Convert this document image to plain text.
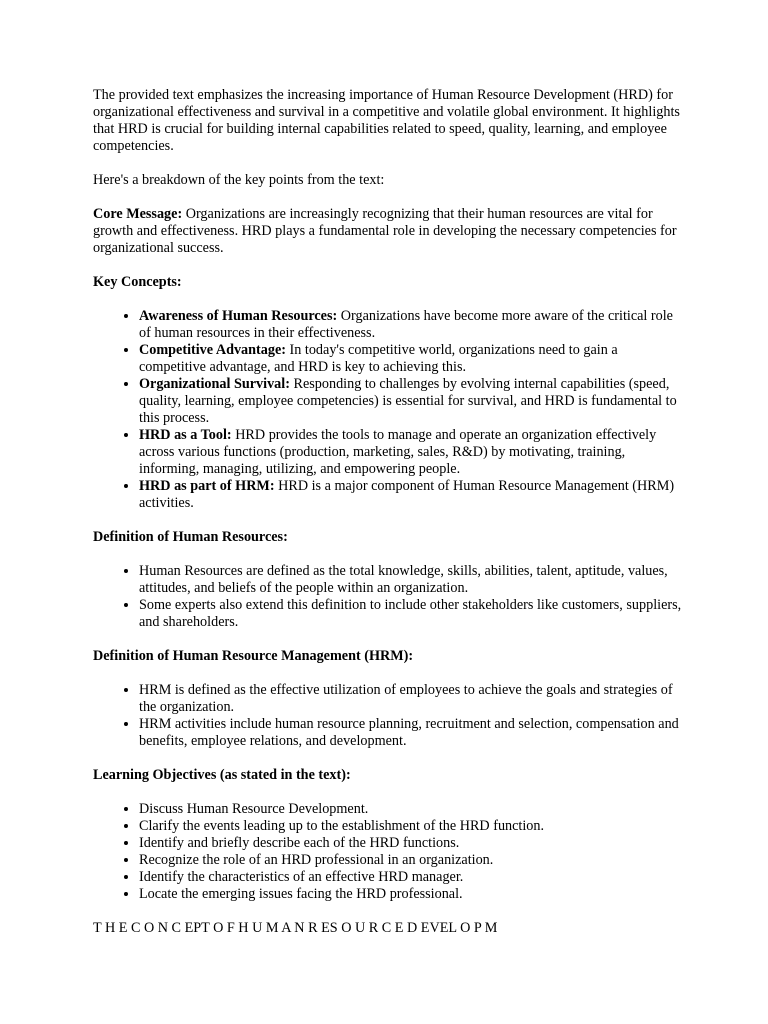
The provided text emphasizes the increasing importance of Human Resource Development (HRD) for organizational effectiveness and survival in a competitive and volatile global environment. It highlights that HRD is crucial for building internal capabilities related to speed, quality, learning, and employee competencies.

Here's a breakdown of the key points from the text:

Core Message: Organizations are increasingly recognizing that their human resources are vital for growth and effectiveness. HRD plays a fundamental role in developing the necessary competencies for organizational success.

Key Concepts:

• Awareness of Human Resources: Organizations have become more aware of the critical role of human resources in their effectiveness.
• Competitive Advantage: In today's competitive world, organizations need to gain a competitive advantage, and HRD is key to achieving this.
• Organizational Survival: Responding to challenges by evolving internal capabilities (speed, quality, learning, employee competencies) is essential for survival, and HRD is fundamental to this process.
• HRD as a Tool: HRD provides the tools to manage and operate an organization effectively across various functions (production, marketing, sales, R&D) by motivating, training, informing, managing, utilizing, and empowering people.
• HRD as part of HRM: HRD is a major component of Human Resource Management (HRM) activities.

Definition of Human Resources:

• Human Resources are defined as the total knowledge, skills, abilities, talent, aptitude, values, attitudes, and beliefs of the people within an organization.
• Some experts also extend this definition to include other stakeholders like customers, suppliers, and shareholders.

Definition of Human Resource Management (HRM):

• HRM is defined as the effective utilization of employees to achieve the goals and strategies of the organization.
• HRM activities include human resource planning, recruitment and selection, compensation and benefits, employee relations, and development.

Learning Objectives (as stated in the text):

• Discuss Human Resource Development.
• Clarify the events leading up to the establishment of the HRD function.
• Identify and briefly describe each of the HRD functions.
• Recognize the role of an HRD professional in an organization.
• Identify the characteristics of an effective HRD manager.
• Locate the emerging issues facing the HRD professional.

T H E C O N C EPT O F H U M A N R ES O U R C E D EVEL O P M
